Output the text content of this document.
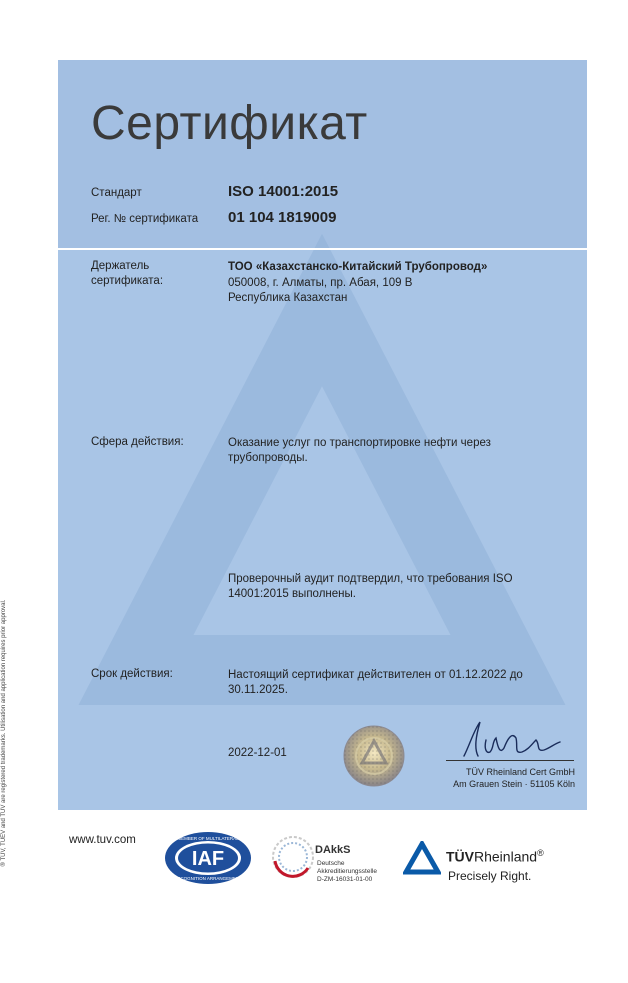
Сертификат
Стандарт	ISO 14001:2015
Рег. № сертификата 01 104 1819009
Держатель
сертификата:
ТОО «Казахстанско-Китайский Трубопровод»
050008, г. Алматы, пр. Абая, 109 В
Республика Казахстан
Сфера действия:	Оказание услуг по транспортировке нефти через
трубопроводы.
Проверочный аудит подтвердил, что требования ISO
14001:2015 выполнены.
Срок действия:	Настоящий сертификат действителен от 01.12.2022 до
30.11.2025.
2022-12-01
lüdas
TÜV Rheinland Cert GmbH
Am Grauen Stein · 51105 Köln
® TÜV, TUEV and TUV are registered trademarks. Utilisation and application requires prior approval.	www.tuv.com
IAF
MEMBER OF MULTILATERAL
RECOGNITION ARRANGEMENT
DAkkS
Deutsche
Akkreditierungsstelle
D-ZM-16031-01-00
TÜVRheinland®
Precisely Right.
